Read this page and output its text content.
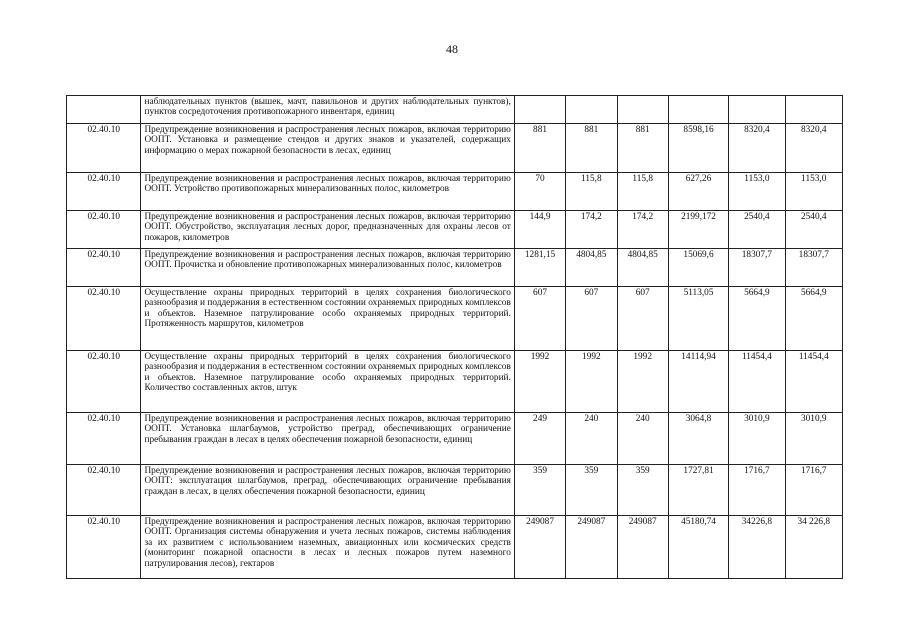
48
	наблюдательных пунктов (вышек, мачт, павильонов и других наблюдательных пунктов), пунктов сосредоточения противопожарного инвентаря, единиц						
02.40.10	Предупреждение возникновения и распространения лесных пожаров, включая территорию ООПТ. Установка и размещение стендов и других знаков и указателей, содержащих информацию о мерах пожарной безопасности в лесах, единиц	881	881	881	8598,16	8320,4	8320,4
02.40.10	Предупреждение возникновения и распространения лесных пожаров, включая территорию ООПТ. Устройство противопожарных минерализованных полос, километров	70	115,8	115,8	627,26	1153,0	1153,0
02.40.10	Предупреждение возникновения и распространения лесных пожаров, включая территорию ООПТ. Обустройство, эксплуатация лесных дорог, предназначенных для охраны лесов от пожаров, километров	144,9	174,2	174,2	2199,172	2540,4	2540,4
02.40.10	Предупреждение возникновения и распространения лесных пожаров, включая территорию ООПТ. Прочистка и обновление противопожарных минерализованных полос, километров	1281,15	4804,85	4804,85	15069,6	18307,7	18307,7
02.40.10	Осуществление охраны природных территорий в целях сохранения биологического разнообразия и поддержания в естественном состоянии охраняемых природных комплексов и объектов. Наземное патрулирование особо охраняемых природных территорий. Протяженность маршрутов, километров	607	607	607	5113,05	5664,9	5664,9
02.40.10	Осуществление охраны природных территорий в целях сохранения биологического разнообразия и поддержания в естественном состоянии охраняемых природных комплексов и объектов. Наземное патрулирование особо охраняемых природных территорий. Количество составленных актов, штук	1992	1992	1992	14114,94	11454,4	11454,4
02.40.10	Предупреждение возникновения и распространения лесных пожаров, включая территорию ООПТ. Установка шлагбаумов, устройство преград, обеспечивающих ограничение пребывания граждан в лесах в целях обеспечения пожарной безопасности, единиц	249	240	240	3064,8	3010,9	3010,9
02.40.10	Предупреждение возникновения и распространения лесных пожаров, включая территорию ООПТ: эксплуатация шлагбаумов, преград, обеспечивающих ограничение пребывания граждан в лесах, в целях обеспечения пожарной безопасности, единиц	359	359	359	1727,81	1716,7	1716,7
02.40.10	Предупреждение возникновения и распространения лесных пожаров, включая территорию ООПТ. Организация системы обнаружения и учета лесных пожаров, системы наблюдения за их развитием с использованием наземных, авиационных или космических средств (мониторинг пожарной опасности в лесах и лесных пожаров путем наземного патрулирования лесов), гектаров	249087	249087	249087	45180,74	34226,8	34 226,8
